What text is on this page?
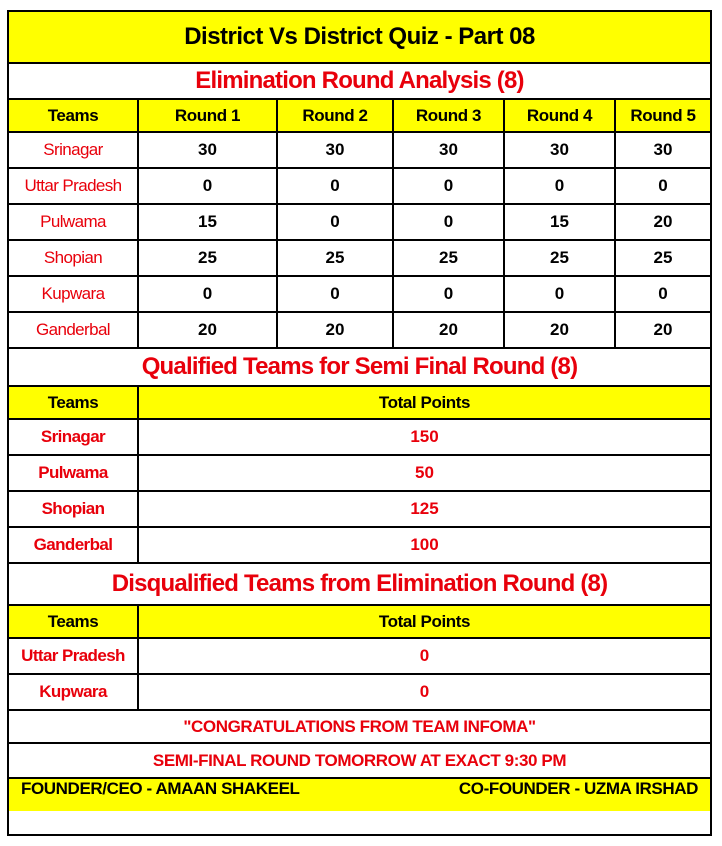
District Vs District Quiz - Part 08
Elimination Round Analysis (8)
Teams	Round 1	Round 2	Round 3	Round 4	Round 5
Srinagar	30	30	30	30	30
Uttar Pradesh	0	0	0	0	0
Pulwama	15	0	0	15	20
Shopian	25	25	25	25	25
Kupwara	0	0	0	0	0
Ganderbal	20	20	20	20	20
Qualified Teams for Semi Final Round (8)
Teams	Total Points
Srinagar	150
Pulwama	50
Shopian	125
Ganderbal	100
Disqualified Teams from Elimination Round (8)
Teams	Total Points
Uttar Pradesh	0
Kupwara	0
"CONGRATULATIONS FROM TEAM INFOMA"
SEMI-FINAL ROUND TOMORROW AT EXACT 9:30 PM
FOUNDER/CEO - AMAAN SHAKEEL	CO-FOUNDER - UZMA IRSHAD
